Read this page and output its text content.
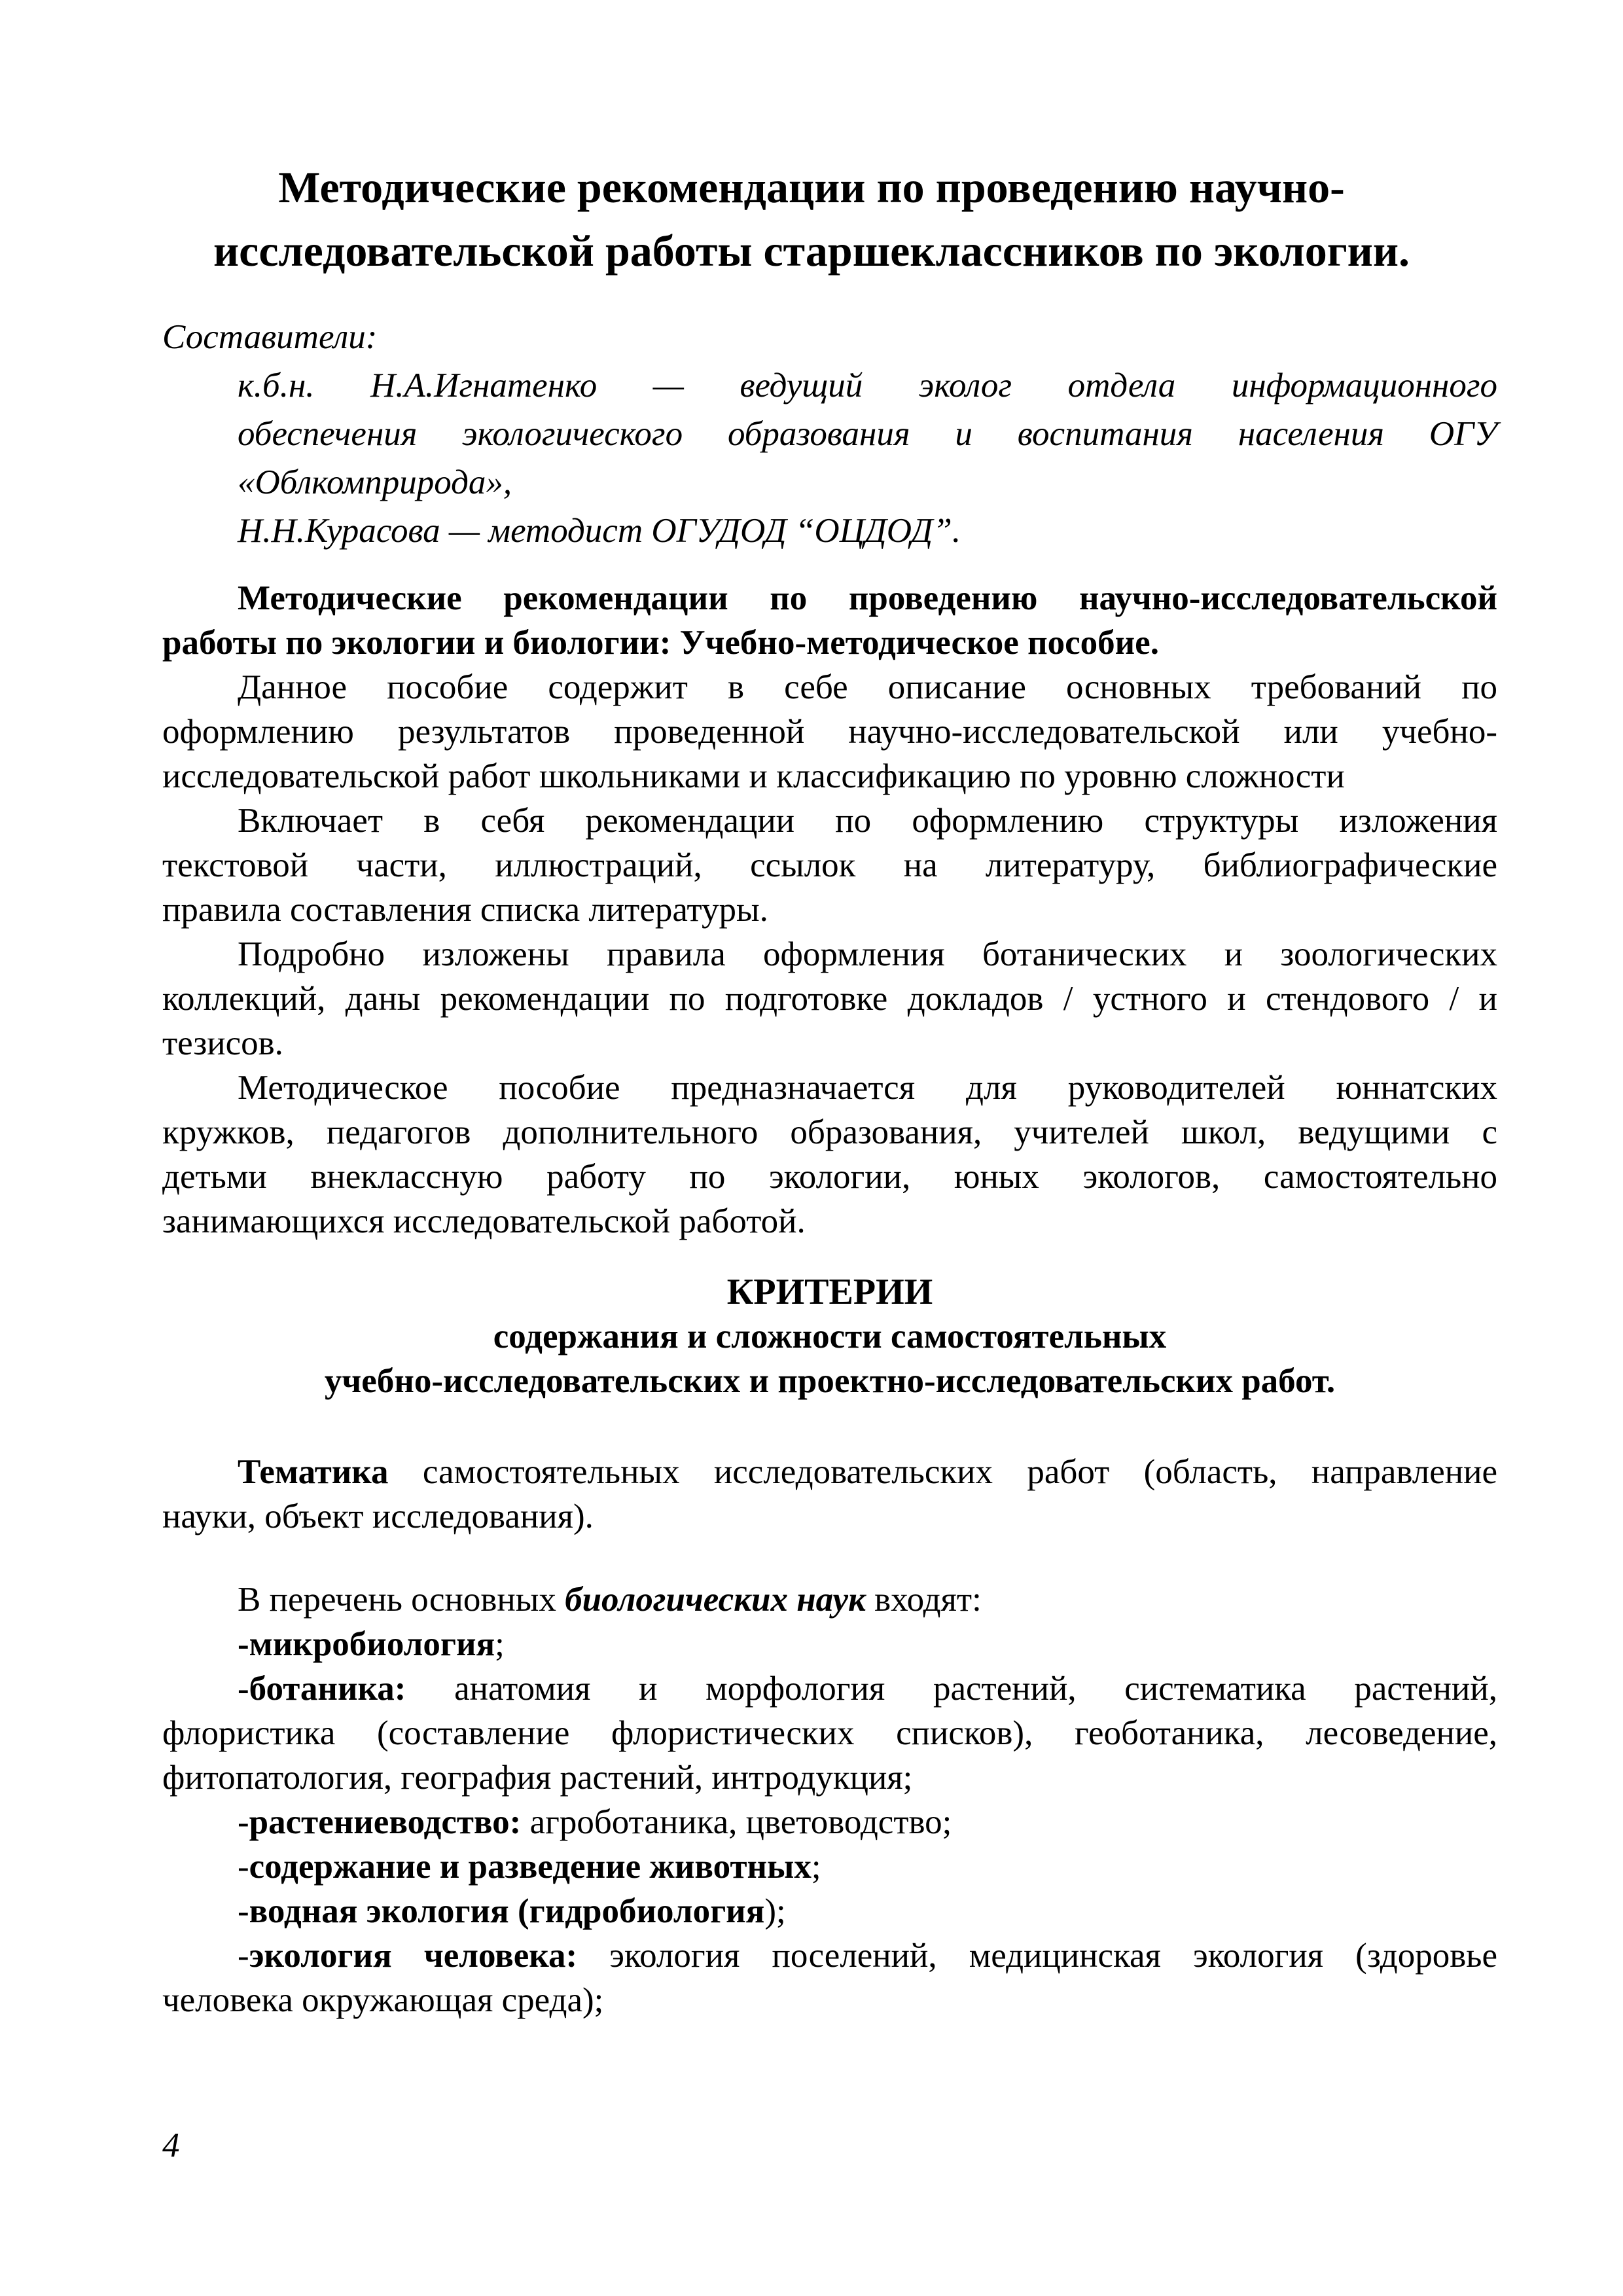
Методические рекомендации по проведению научно-
исследовательской работы старшеклассников по экологии.
Составители:
к.б.н. Н.А.Игнатенко — ведущий эколог отдела информационного
обеспечения экологического образования и воспитания населения ОГУ
«Облкомприрода»,
Н.Н.Курасова — методист ОГУДОД “ОЦДОД”.
Методические рекомендации по проведению научно-исследовательской
работы по экологии и биологии: Учебно-методическое пособие.
Данное пособие содержит в себе описание основных требований по
оформлению результатов проведенной научно-исследовательской или учебно-
исследовательской работ школьниками и классификацию по уровню сложности
Включает в себя рекомендации по оформлению структуры изложения
текстовой части, иллюстраций, ссылок на литературу, библиографические
правила составления списка литературы.
Подробно изложены правила оформления ботанических и зоологических
коллекций, даны рекомендации по подготовке докладов / устного и стендового / и
тезисов.
Методическое пособие предназначается для руководителей юннатских
кружков, педагогов дополнительного образования, учителей школ, ведущими с
детьми внеклассную работу по экологии, юных экологов, самостоятельно
занимающихся исследовательской работой.
КРИТЕРИИ
содержания и сложности самостоятельных
учебно-исследовательских и проектно-исследовательских работ.
Тематика самостоятельных исследовательских работ (область, направление
науки, объект исследования).
В перечень основных биологических наук входят:
-микробиология;
-ботаника: анатомия и морфология растений, систематика растений,
флористика (составление флористических списков), геоботаника, лесоведение,
фитопатология, география растений, интродукция;
-растениеводство: агроботаника, цветоводство;
-содержание и разведение животных;
-водная экология (гидробиология);
-экология человека: экология поселений, медицинская экология (здоровье
человека окружающая среда);
4
